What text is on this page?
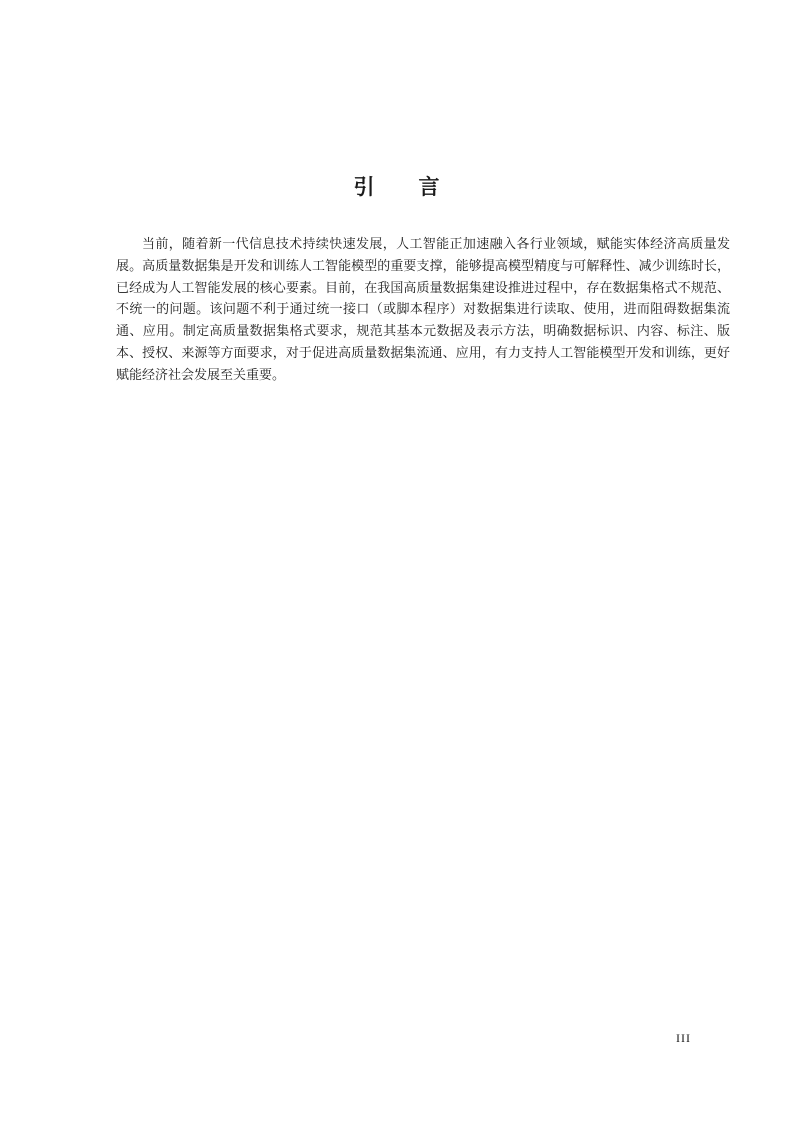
引言

当前，随着新一代信息技术持续快速发展，人工智能正加速融入各行业领域，赋能实体经济高质量发展。高质量数据集是开发和训练人工智能模型的重要支撑，能够提高模型精度与可解释性、减少训练时长，已经成为人工智能发展的核心要素。目前，在我国高质量数据集建设推进过程中，存在数据集格式不规范、不统一的问题。该问题不利于通过统一接口（或脚本程序）对数据集进行读取、使用，进而阻碍数据集流通、应用。制定高质量数据集格式要求，规范其基本元数据及表示方法，明确数据标识、内容、标注、版本、授权、来源等方面要求，对于促进高质量数据集流通、应用，有力支持人工智能模型开发和训练，更好赋能经济社会发展至关重要。

III
